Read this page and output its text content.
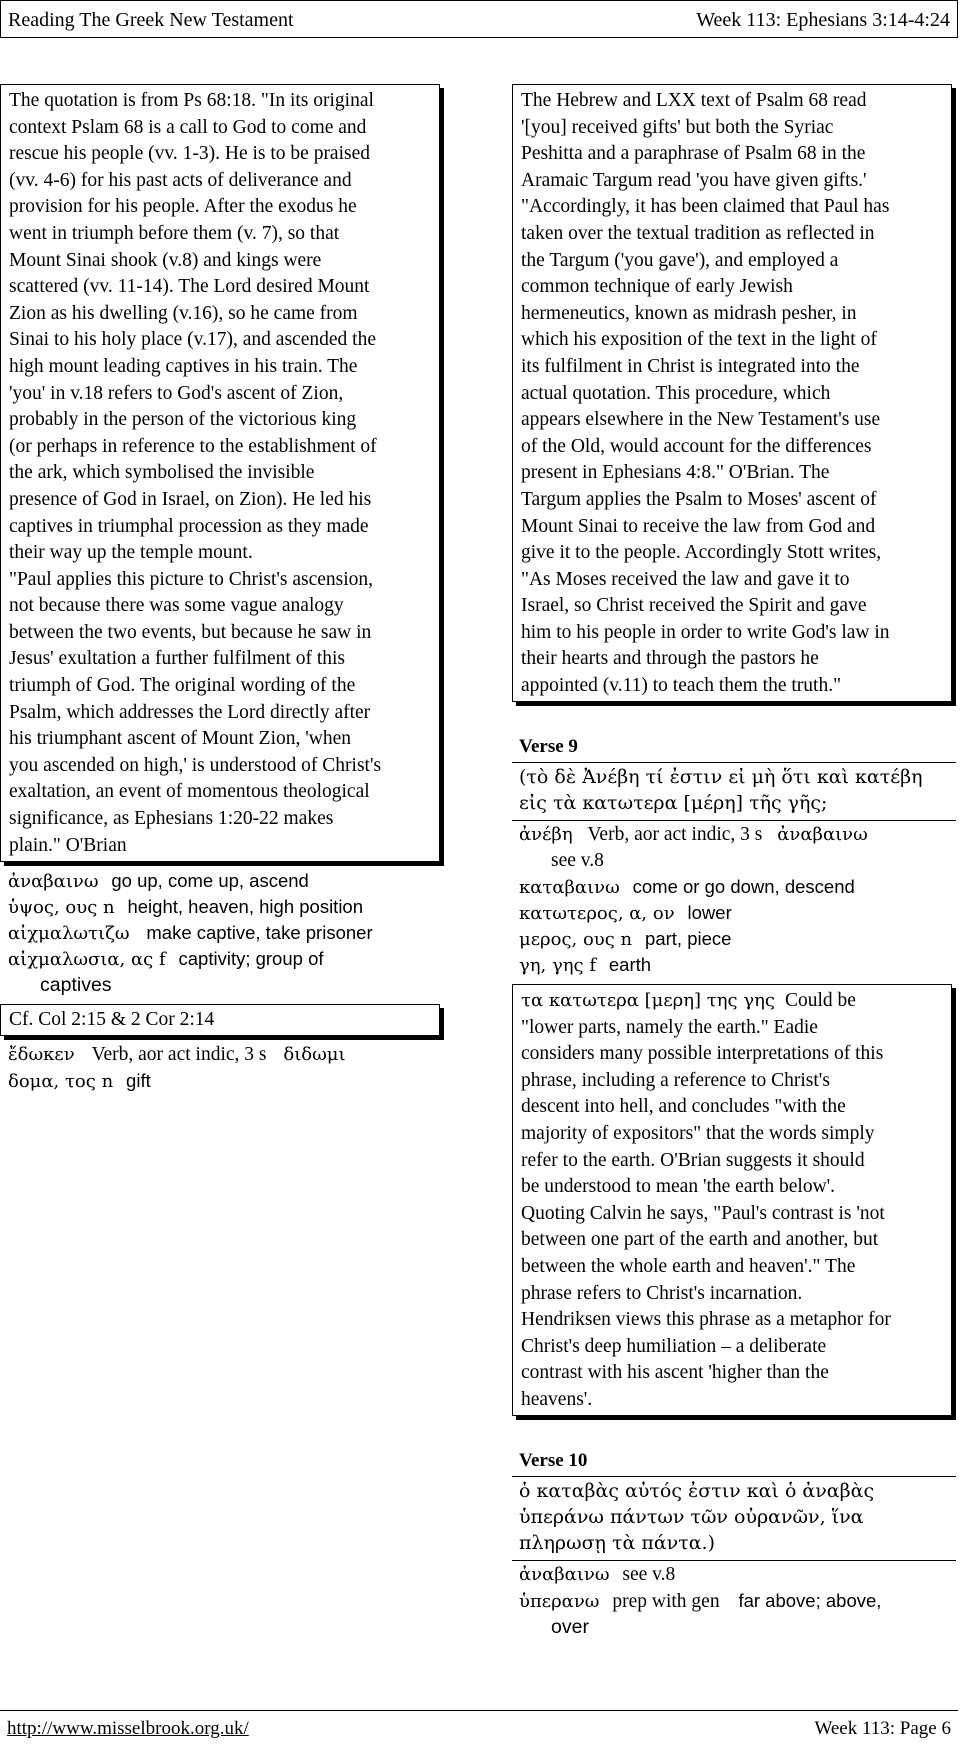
Reading The Greek New Testament	Week 113: Ephesians 3:14-4:24
The quotation is from Ps 68:18. "In its original
context Pslam 68 is a call to God to come and
rescue his people (vv. 1-3). He is to be praised
(vv. 4-6) for his past acts of deliverance and
provision for his people. After the exodus he
went in triumph before them (v. 7), so that
Mount Sinai shook (v.8) and kings were
scattered (vv. 11-14). The Lord desired Mount
Zion as his dwelling (v.16), so he came from
Sinai to his holy place (v.17), and ascended the
high mount leading captives in his train. The
'you' in v.18 refers to God's ascent of Zion,
probably in the person of the victorious king
(or perhaps in reference to the establishment of
the ark, which symbolised the invisible
presence of God in Israel, on Zion). He led his
captives in triumphal procession as they made
their way up the temple mount.
"Paul applies this picture to Christ's ascension,
not because there was some vague analogy
between the two events, but because he saw in
Jesus' exultation a further fulfilment of this
triumph of God. The original wording of the
Psalm, which addresses the Lord directly after
his triumphant ascent of Mount Zion, 'when
you ascended on high,' is understood of Christ's
exaltation, an event of momentous theological
significance, as Ephesians 1:20-22 makes
plain." O'Brian
ἀναβαινω go up, come up, ascend
ὑψος, ους n height, heaven, high position
αἰχμαλωτιζω make captive, take prisoner
αἰχμαλωσια, ας f captivity; group of
captives
Cf. Col 2:15 & 2 Cor 2:14
ἔδωκεν Verb, aor act indic, 3 s διδωμι
δομα, τος n gift
The Hebrew and LXX text of Psalm 68 read
'[you] received gifts' but both the Syriac
Peshitta and a paraphrase of Psalm 68 in the
Aramaic Targum read 'you have given gifts.'
"Accordingly, it has been claimed that Paul has
taken over the textual tradition as reflected in
the Targum ('you gave'), and employed a
common technique of early Jewish
hermeneutics, known as midrash pesher, in
which his exposition of the text in the light of
its fulfilment in Christ is integrated into the
actual quotation. This procedure, which
appears elsewhere in the New Testament's use
of the Old, would account for the differences
present in Ephesians 4:8." O'Brian. The
Targum applies the Psalm to Moses' ascent of
Mount Sinai to receive the law from God and
give it to the people. Accordingly Stott writes,
"As Moses received the law and gave it to
Israel, so Christ received the Spirit and gave
him to his people in order to write God's law in
their hearts and through the pastors he
appointed (v.11) to teach them the truth."
Verse 9
(τὸ δὲ Ἀνέβη τί ἐστιν εἰ μὴ ὅτι καὶ κατέβη
εἰς τὰ κατωτερα [μέρη] τῆς γῆς;
ἀνέβη Verb, aor act indic, 3 s ἀναβαινω
see v.8
καταβαινω come or go down, descend
κατωτερος, α, ον lower
μερος, ους n part, piece
γη, γης f earth
τα κατωτερα [μερη] της γης Could be
"lower parts, namely the earth." Eadie
considers many possible interpretations of this
phrase, including a reference to Christ's
descent into hell, and concludes "with the
majority of expositors" that the words simply
refer to the earth. O'Brian suggests it should
be understood to mean 'the earth below'.
Quoting Calvin he says, "Paul's contrast is 'not
between one part of the earth and another, but
between the whole earth and heaven'." The
phrase refers to Christ's incarnation.
Hendriksen views this phrase as a metaphor for
Christ's deep humiliation – a deliberate
contrast with his ascent 'higher than the
heavens'.
Verse 10
ὁ καταβὰς αὐτός ἐστιν καὶ ὁ ἀναβὰς
ὑπεράνω πάντων τῶν οὐρανῶν, ἵνα
πληρωσῃ τὰ πάντα.)
ἀναβαινω see v.8
ὑπερανω prep with gen far above; above,
over
http://www.misselbrook.org.uk/	Week 113: Page 6
